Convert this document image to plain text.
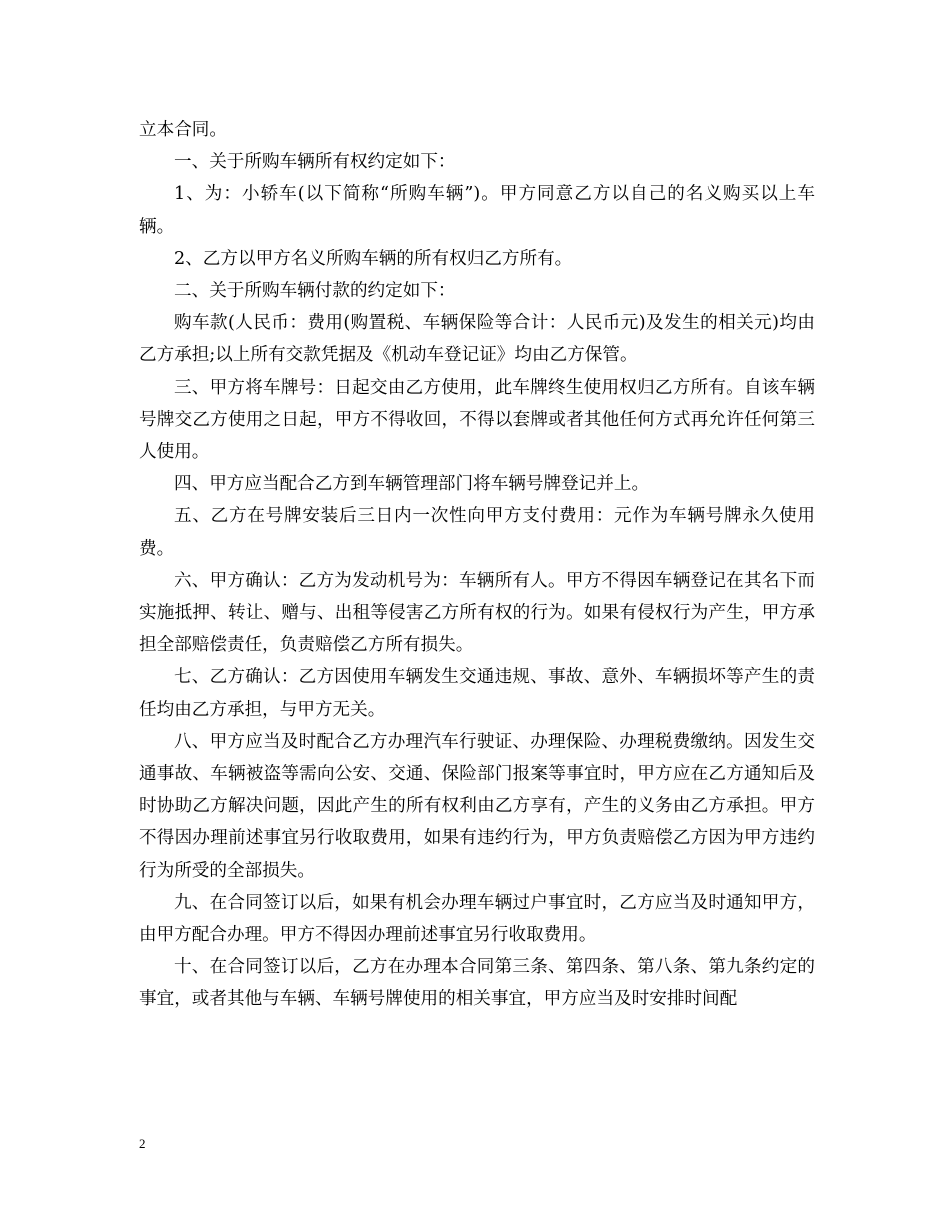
立本合同。

一、关于所购车辆所有权约定如下：

1、为：小轿车(以下简称“所购车辆”)。甲方同意乙方以自己的名义购买以上车辆。

2、乙方以甲方名义所购车辆的所有权归乙方所有。

二、关于所购车辆付款的约定如下：

购车款(人民币：费用(购置税、车辆保险等合计：人民币元)及发生的相关元)均由乙方承担;以上所有交款凭据及《机动车登记证》均由乙方保管。

三、甲方将车牌号：日起交由乙方使用，此车牌终生使用权归乙方所有。自该车辆号牌交乙方使用之日起，甲方不得收回，不得以套牌或者其他任何方式再允许任何第三人使用。

四、甲方应当配合乙方到车辆管理部门将车辆号牌登记并上。

五、乙方在号牌安装后三日内一次性向甲方支付费用：元作为车辆号牌永久使用费。

六、甲方确认：乙方为发动机号为：车辆所有人。甲方不得因车辆登记在其名下而实施抵押、转让、赠与、出租等侵害乙方所有权的行为。如果有侵权行为产生，甲方承担全部赔偿责任，负责赔偿乙方所有损失。

七、乙方确认：乙方因使用车辆发生交通违规、事故、意外、车辆损坏等产生的责任均由乙方承担，与甲方无关。

八、甲方应当及时配合乙方办理汽车行驶证、办理保险、办理税费缴纳。因发生交通事故、车辆被盗等需向公安、交通、保险部门报案等事宜时，甲方应在乙方通知后及时协助乙方解决问题，因此产生的所有权利由乙方享有，产生的义务由乙方承担。甲方不得因办理前述事宜另行收取费用，如果有违约行为，甲方负责赔偿乙方因为甲方违约行为所受的全部损失。

九、在合同签订以后，如果有机会办理车辆过户事宜时，乙方应当及时通知甲方，由甲方配合办理。甲方不得因办理前述事宜另行收取费用。

十、在合同签订以后，乙方在办理本合同第三条、第四条、第八条、第九条约定的事宜，或者其他与车辆、车辆号牌使用的相关事宜，甲方应当及时安排时间配

2
